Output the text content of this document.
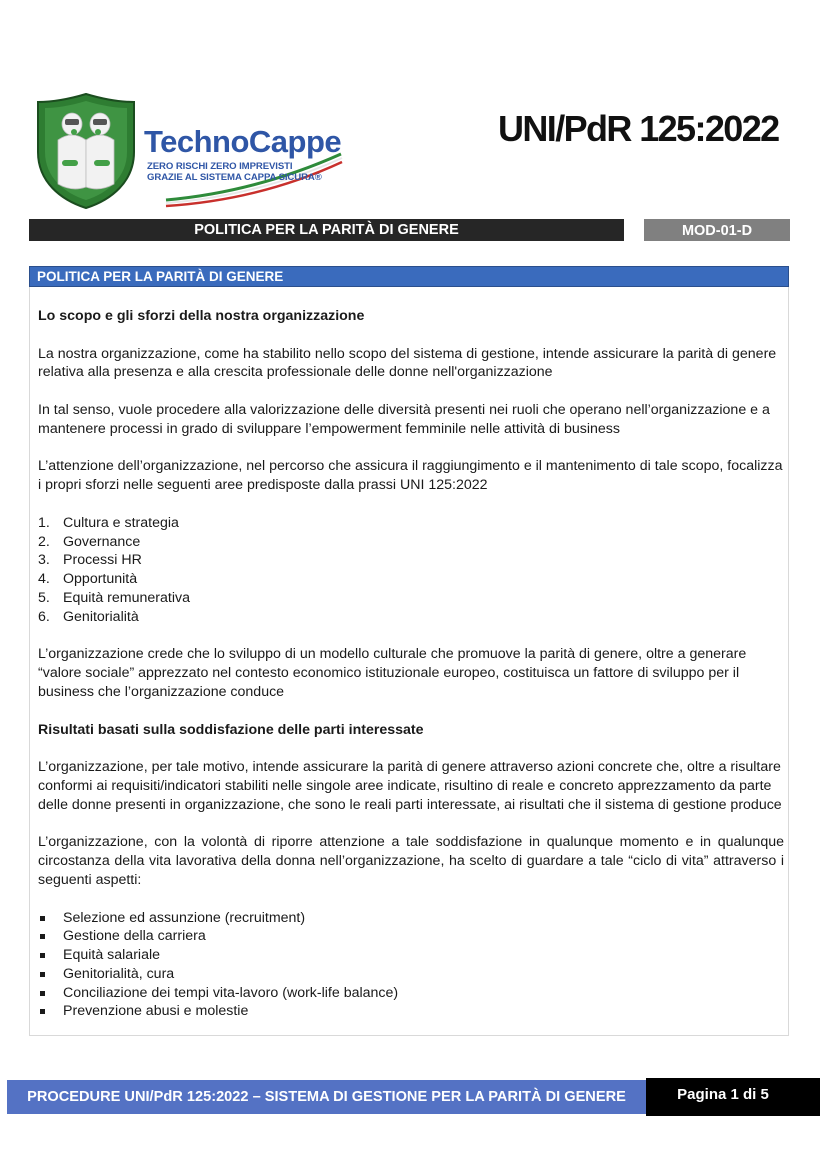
TechnoCappe
ZERO RISCHI ZERO IMPREVISTI
GRAZIE AL SISTEMA CAPPA SICURA®
UNI/PdR 125:2022
POLITICA PER LA PARITÀ DI GENERE	MOD-01-D
POLITICA PER LA PARITÀ DI GENERE

Lo scopo e gli sforzi della nostra organizzazione

La nostra organizzazione, come ha stabilito nello scopo del sistema di gestione, intende assicurare la parità di genere relativa alla presenza e alla crescita professionale delle donne nell'organizzazione

In tal senso, vuole procedere alla valorizzazione delle diversità presenti nei ruoli che operano nell’organizzazione e a mantenere processi in grado di sviluppare l’empowerment femminile nelle attività di business

L’attenzione dell’organizzazione, nel percorso che assicura il raggiungimento e il mantenimento di tale scopo, focalizza i propri sforzi nelle seguenti aree predisposte dalla prassi UNI 125:2022

1. Cultura e strategia
2. Governance
3. Processi HR
4. Opportunità
5. Equità remunerativa
6. Genitorialità

L’organizzazione crede che lo sviluppo di un modello culturale che promuove la parità di genere, oltre a generare “valore sociale” apprezzato nel contesto economico istituzionale europeo, costituisca un fattore di sviluppo per il business che l’organizzazione conduce

Risultati basati sulla soddisfazione delle parti interessate

L’organizzazione, per tale motivo, intende assicurare la parità di genere attraverso azioni concrete che, oltre a risultare conformi ai requisiti/indicatori stabiliti nelle singole aree indicate, risultino di reale e concreto apprezzamento da parte delle donne presenti in organizzazione, che sono le reali parti interessate, ai risultati che il sistema di gestione produce

L’organizzazione, con la volontà di riporre attenzione a tale soddisfazione in qualunque momento e in qualunque circostanza della vita lavorativa della donna nell’organizzazione, ha scelto di guardare a tale “ciclo di vita” attraverso i seguenti aspetti:

Selezione ed assunzione (recruitment)
Gestione della carriera
Equità salariale
Genitorialità, cura
Conciliazione dei tempi vita-lavoro (work-life balance)
Prevenzione abusi e molestie
PROCEDURE UNI/PdR 125:2022 – SISTEMA DI GESTIONE PER LA PARITÀ DI GENERE	Pagina 1 di 5
